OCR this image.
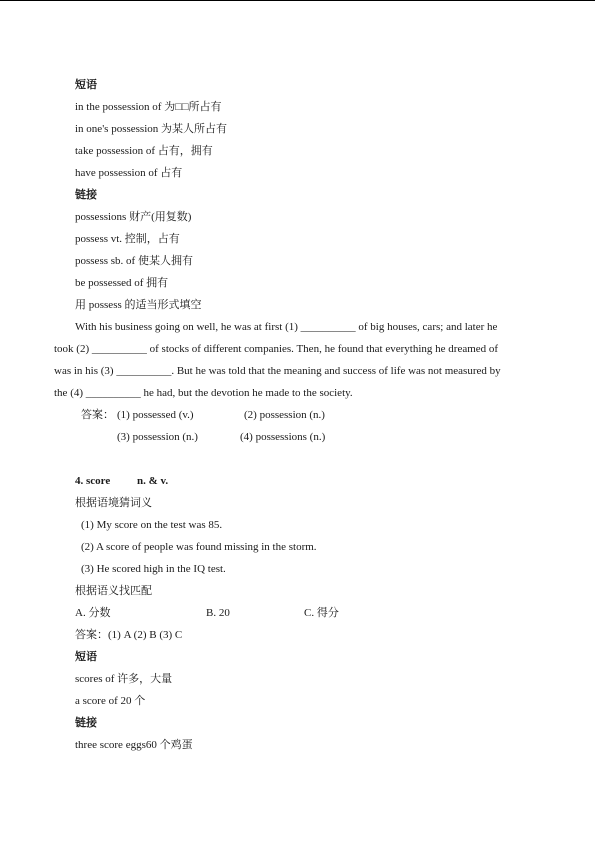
短语
in the possession of 为□□所占有
in one's possession 为某人所占有
take possession of 占有，拥有
have possession of 占有
链接
possessions 财产(用复数)
possess vt. 控制，占有
possess sb. of 使某人拥有
be possessed of 拥有
用 possess 的适当形式填空
With his business going on well, he was at first (1) __________ of big houses, cars; and later he
took (2) __________ of stocks of different companies. Then, he found that everything he dreamed of
was in his (3) __________. But he was told that the meaning and success of life was not measured by
the (4) __________ he had, but the devotion he made to the society.
答案： (1) possessed (v.)	(2) possession (n.)
(3) possession (n.)	(4) possessions (n.)
4. score n. & v.
根据语境猜词义
(1) My score on the test was 85.
(2) A score of people was found missing in the storm.
(3) He scored high in the IQ test.
根据语义找匹配
A. 分数	B. 20	C. 得分
答案：(1) A (2) B (3) C
短语
scores of 许多，大量
a score of 20 个
链接
three score eggs60 个鸡蛋
